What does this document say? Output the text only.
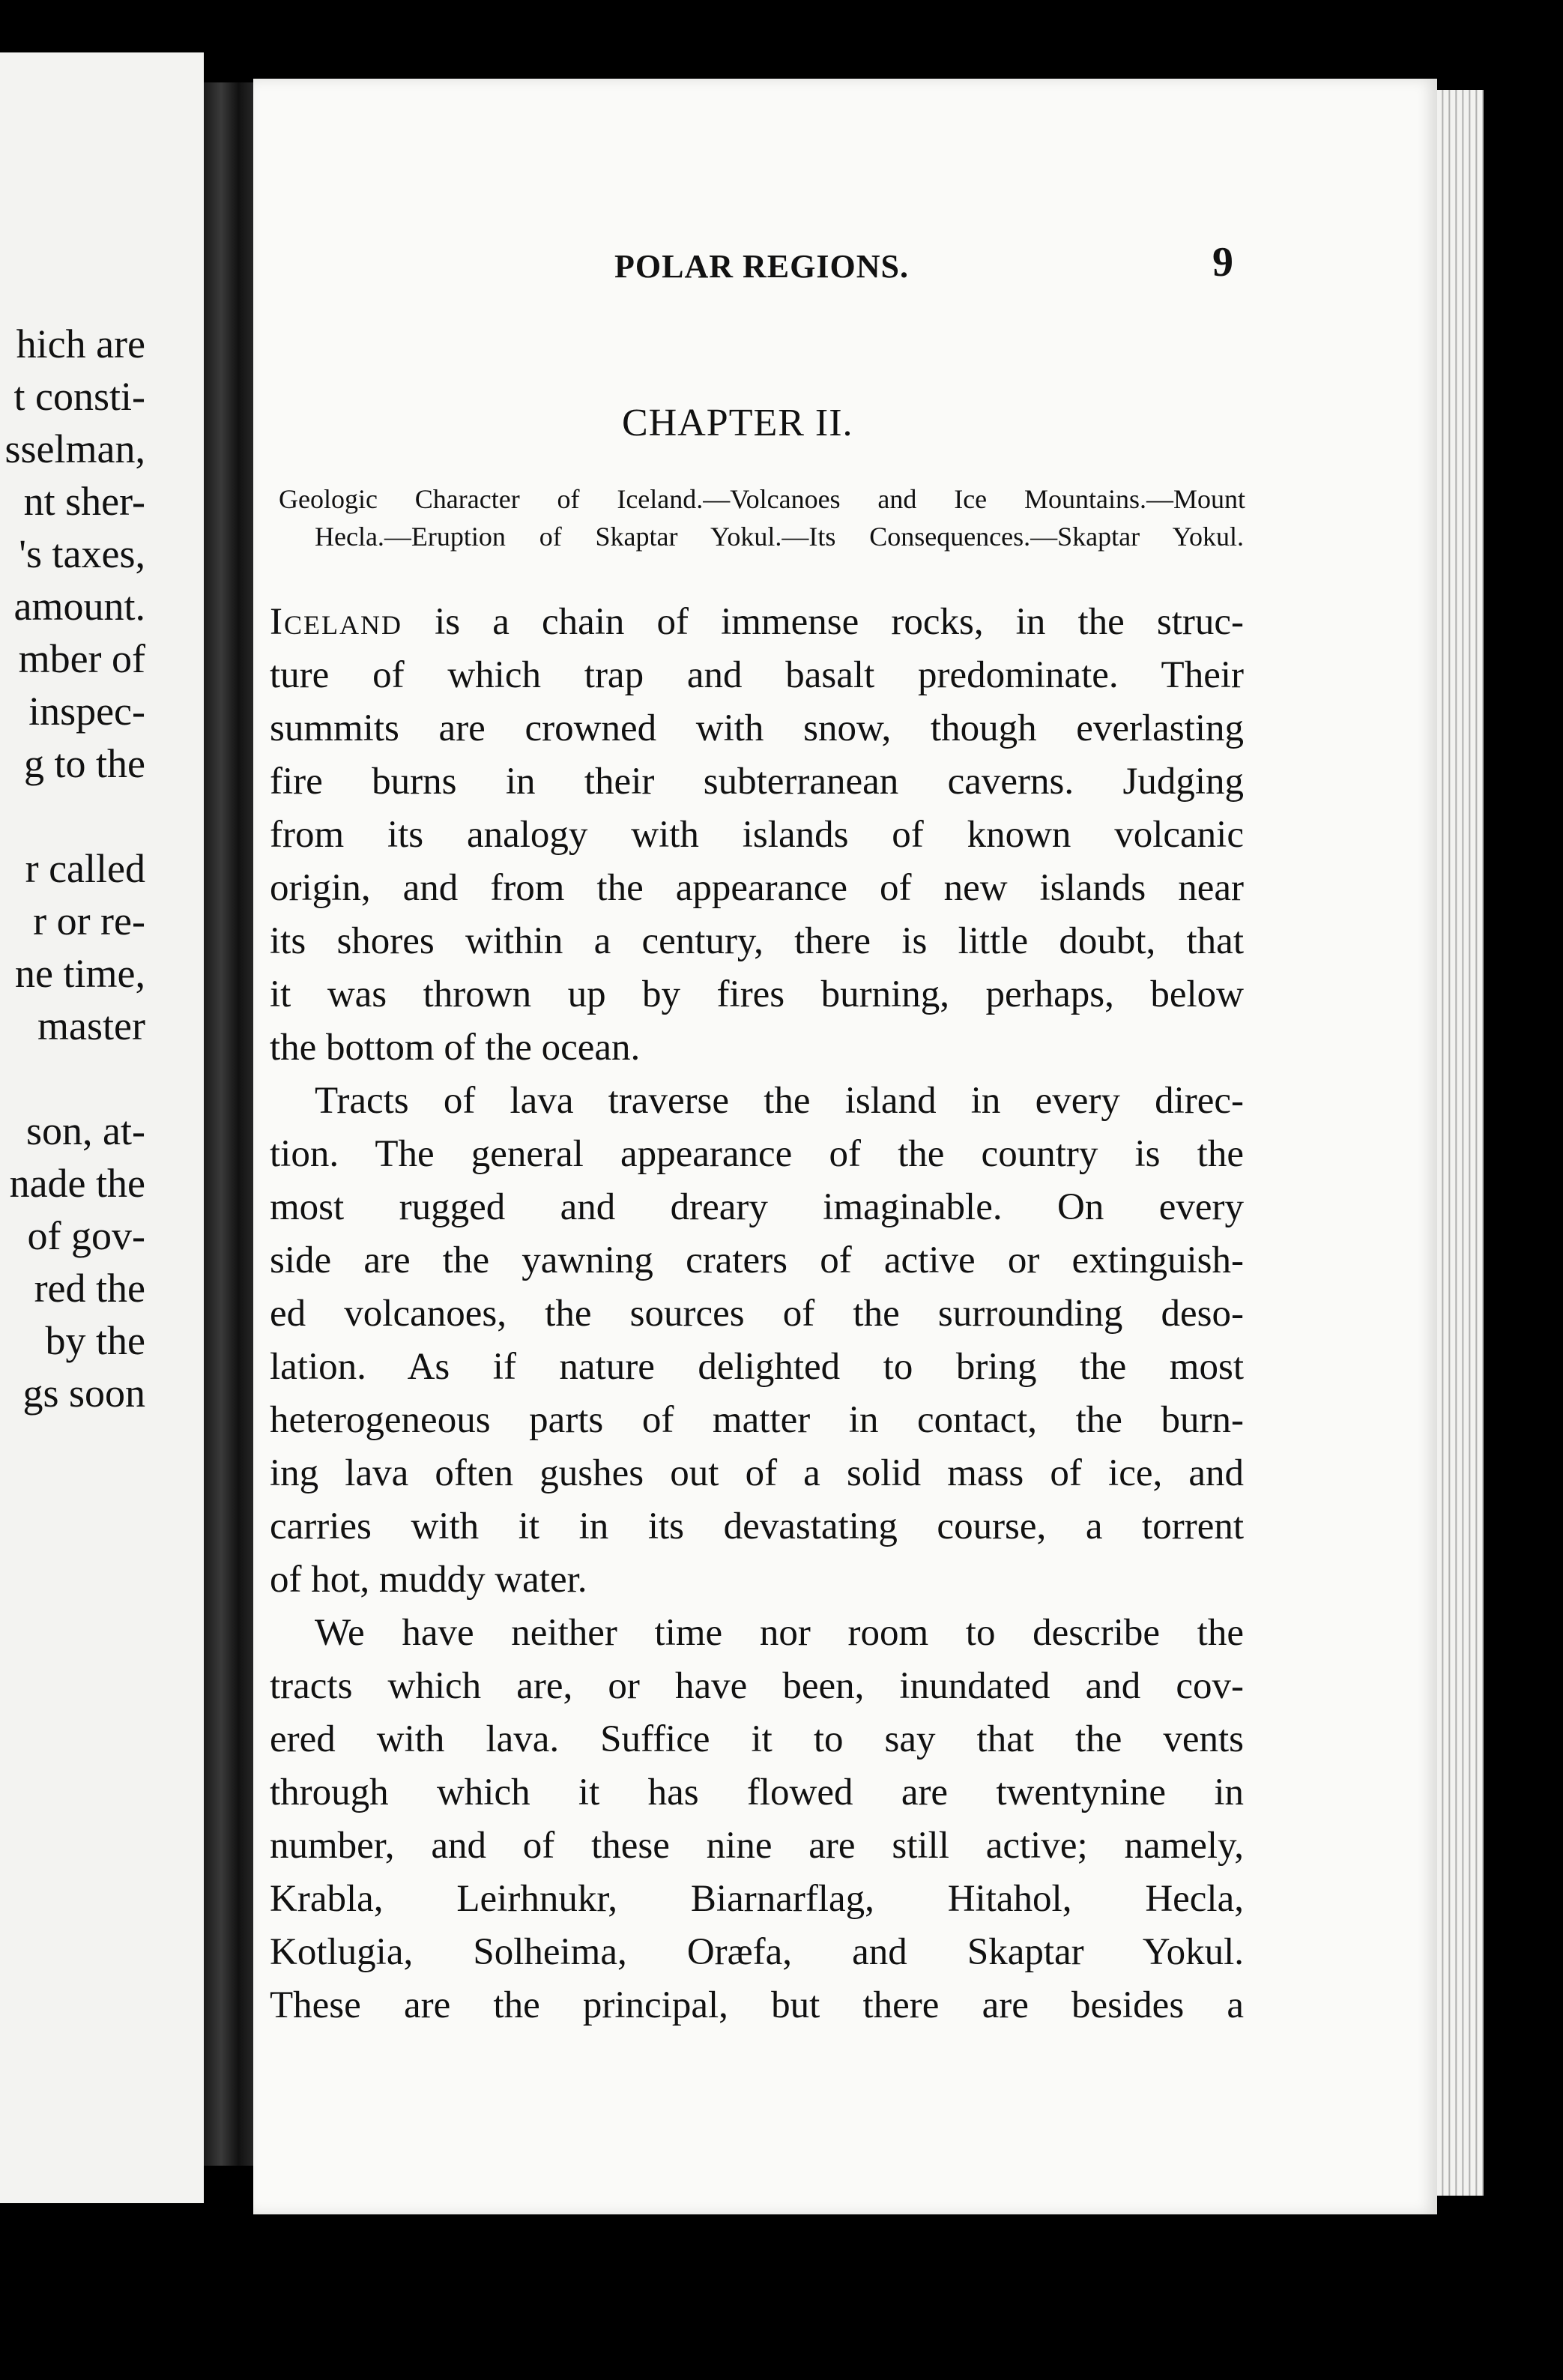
hich are
t consti-
sselman,
nt sher-
's taxes,
amount.
mber of
inspec-
g to the
r called
r or re-
ne time,
master
son, at-
nade the
of gov-
red the
by the
gs soon
POLAR REGIONS.	9
CHAPTER II.
Geologic Character of Iceland.—Volcanoes and Ice Mountains.—Mount
Hecla.—Eruption of Skaptar Yokul.—Its Consequences.—Skaptar Yokul.
Iceland is a chain of immense rocks, in the struc-
ture of which trap and basalt predominate. Their
summits are crowned with snow, though everlasting
fire burns in their subterranean caverns. Judging
from its analogy with islands of known volcanic
origin, and from the appearance of new islands near
its shores within a century, there is little doubt, that
it was thrown up by fires burning, perhaps, below
the bottom of the ocean.
Tracts of lava traverse the island in every direc-
tion. The general appearance of the country is the
most rugged and dreary imaginable. On every
side are the yawning craters of active or extinguish-
ed volcanoes, the sources of the surrounding deso-
lation. As if nature delighted to bring the most
heterogeneous parts of matter in contact, the burn-
ing lava often gushes out of a solid mass of ice, and
carries with it in its devastating course, a torrent
of hot, muddy water.
We have neither time nor room to describe the
tracts which are, or have been, inundated and cov-
ered with lava. Suffice it to say that the vents
through which it has flowed are twentynine in
number, and of these nine are still active; namely,
Krabla, Leirhnukr, Biarnarflag, Hitahol, Hecla,
Kotlugia, Solheima, Oræfa, and Skaptar Yokul.
These are the principal, but there are besides a
